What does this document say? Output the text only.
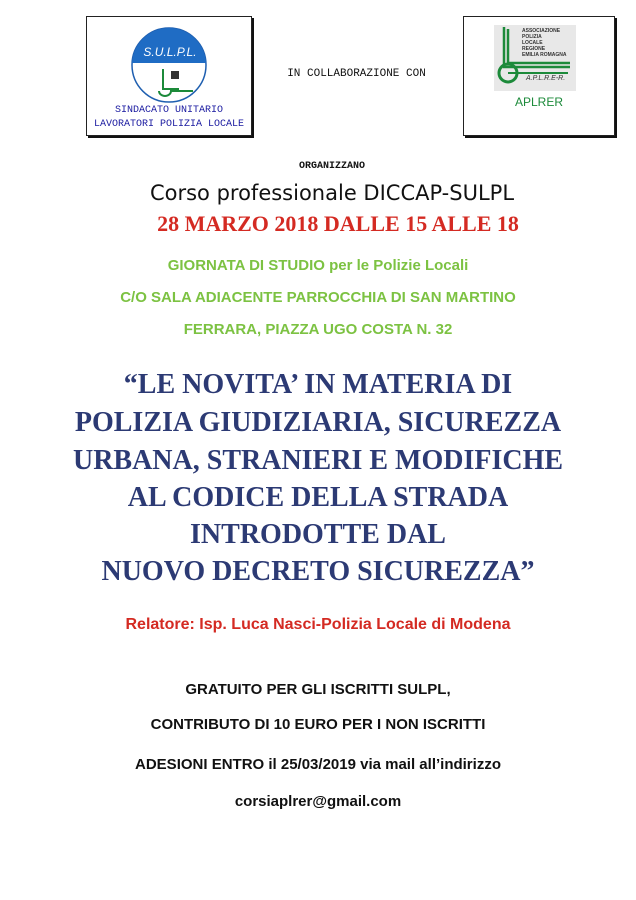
S.U.L.P.L.
SINDACATO UNITARIO
LAVORATORI POLIZIA LOCALE
IN COLLABORAZIONE CON
ASSOCIAZIONE
POLIZIA
LOCALE
REGIONE
EMILIA ROMAGNA
A.P.L.R.E-R.
APLRER
ORGANIZZANO
Corso professionale DICCAP-SULPL
28 MARZO 2018 DALLE 15 ALLE 18
GIORNATA DI STUDIO per le Polizie Locali
C/O SALA ADIACENTE PARROCCHIA DI SAN MARTINO
FERRARA, PIAZZA UGO COSTA N. 32
“LE NOVITA’ IN MATERIA DI
POLIZIA GIUDIZIARIA, SICUREZZA
URBANA, STRANIERI E MODIFICHE
AL CODICE DELLA STRADA
INTRODOTTE DAL
NUOVO DECRETO SICUREZZA”
Relatore: Isp. Luca Nasci-Polizia Locale di Modena
GRATUITO PER GLI ISCRITTI SULPL,
CONTRIBUTO DI 10 EURO PER I NON ISCRITTI
ADESIONI ENTRO il 25/03/2019 via mail all’indirizzo
corsiaplrer@gmail.com
